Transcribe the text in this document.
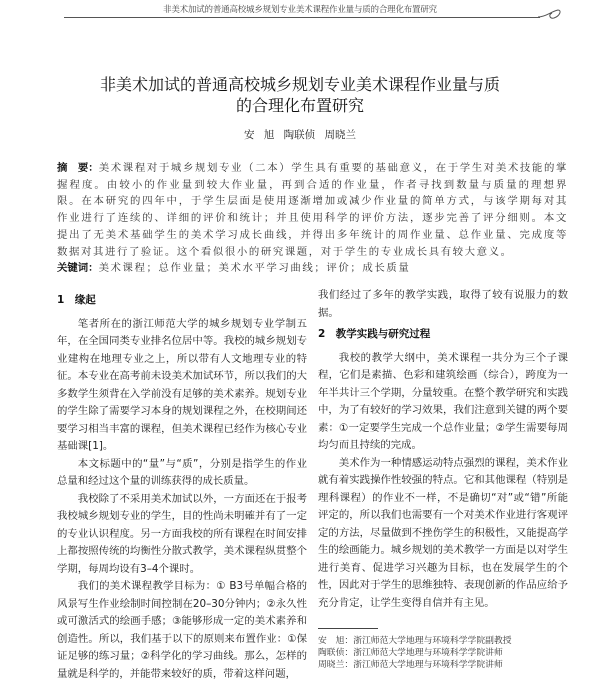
非美术加试的普通高校城乡规划专业美术课程作业量与质的合理化布置研究
非美术加试的普通高校城乡规划专业美术课程作业量与质
的合理化布置研究
安 旭 陶联侦 周晓兰
摘　要：美术课程对于城乡规划专业（二本）学生具有重要的基础意义，在于学生对美术技能的掌握程度。由较小的作业量到较大作业量，再到合适的作业量，作者寻找到数量与质量的理想界限。在本研究的四年中，于学生层面是使用逐渐增加或减少作业量的简单方式，与该学期每对其作业进行了连续的、详细的评价和统计；并且使用科学的评价方法，逐步完善了评分细则。本文提出了无美术基础学生的美术学习成长曲线，并得出多年统计的周作业量、总作业量、完成度等数据对其进行了验证。这个看似很小的研究课题，对于学生的专业成长具有较大意义。
关键词：美术课程；总作业量；美术水平学习曲线；评价；成长质量
1　缘起

笔者所在的浙江师范大学的城乡规划专业学制五年，在全国同类专业排名位居中等。我校的城乡规划专业建构在地理专业之上，所以带有人文地理专业的特征。本专业在高考前未设美术加试环节，所以我们的大多数学生须背在入学前没有足够的美术素养。规划专业的学生除了需要学习本身的规划课程之外，在校期间还要学习相当丰富的课程，但美术课程已经作为核心专业基础课[1]。

本文标题中的“量”与“质”，分别是指学生的作业总量和经过这个量的训练获得的成长质量。

我校除了不采用美术加试以外，一方面还在于报考我校城乡规划专业的学生，目的性尚未明確并有了一定的专业认识程度。另一方面我校的所有课程在时间安排上都按照传统的均衡性分散式教学，美术课程纵贯整个学期，每周均设有3–4个课时。

我们的美术课程教学目标为：① B3号单幅合格的风景写生作业绘制时间控制在20–30分钟内；②永久性或可激活式的绘画手感；③能够形成一定的美术素养和创造性。所以，我们基于以下的原则来布置作业：①保证足够的练习量；②科学化的学习曲线。那么，怎样的量就是科学的，并能带来较好的质，带着这样问题，

我们经过了多年的教学实践，取得了较有说服力的数据。
2　教学实践与研究过程

我校的教学大纲中，美术课程一共分为三个子课程，它们是素描、色彩和建筑绘画（综合），跨度为一年半共计三个学期，分量较重。在整个教学研究和实践中，为了有较好的学习效果，我们注意到关键的两个要素：①一定要学生完成一个总作业量；②学生需要每周均匀而且持续的完成。

美术作为一种情感运动特点强烈的课程，美术作业就有着实践操作性较强的特点。它和其他课程（特别是理科课程）的作业不一样，不是确切“对”或“错”所能评定的，所以我们也需要有一个对美术作业进行客观评定的方法，尽量做到不挫伤学生的积极性，又能提高学生的绘画能力。城乡规划的美术教学一方面是以对学生进行美育、促进学习兴趣为目标，也在发展学生的个性，因此对于学生的思维独特、表现创新的作品应给予充分肯定，让学生变得自信并有主见。

安　旭：浙江师范大学地理与环境科学学院副教授
陶联侦：浙江师范大学地理与环境科学学院讲师
周晓兰：浙江师范大学地理与环境科学学院讲师
